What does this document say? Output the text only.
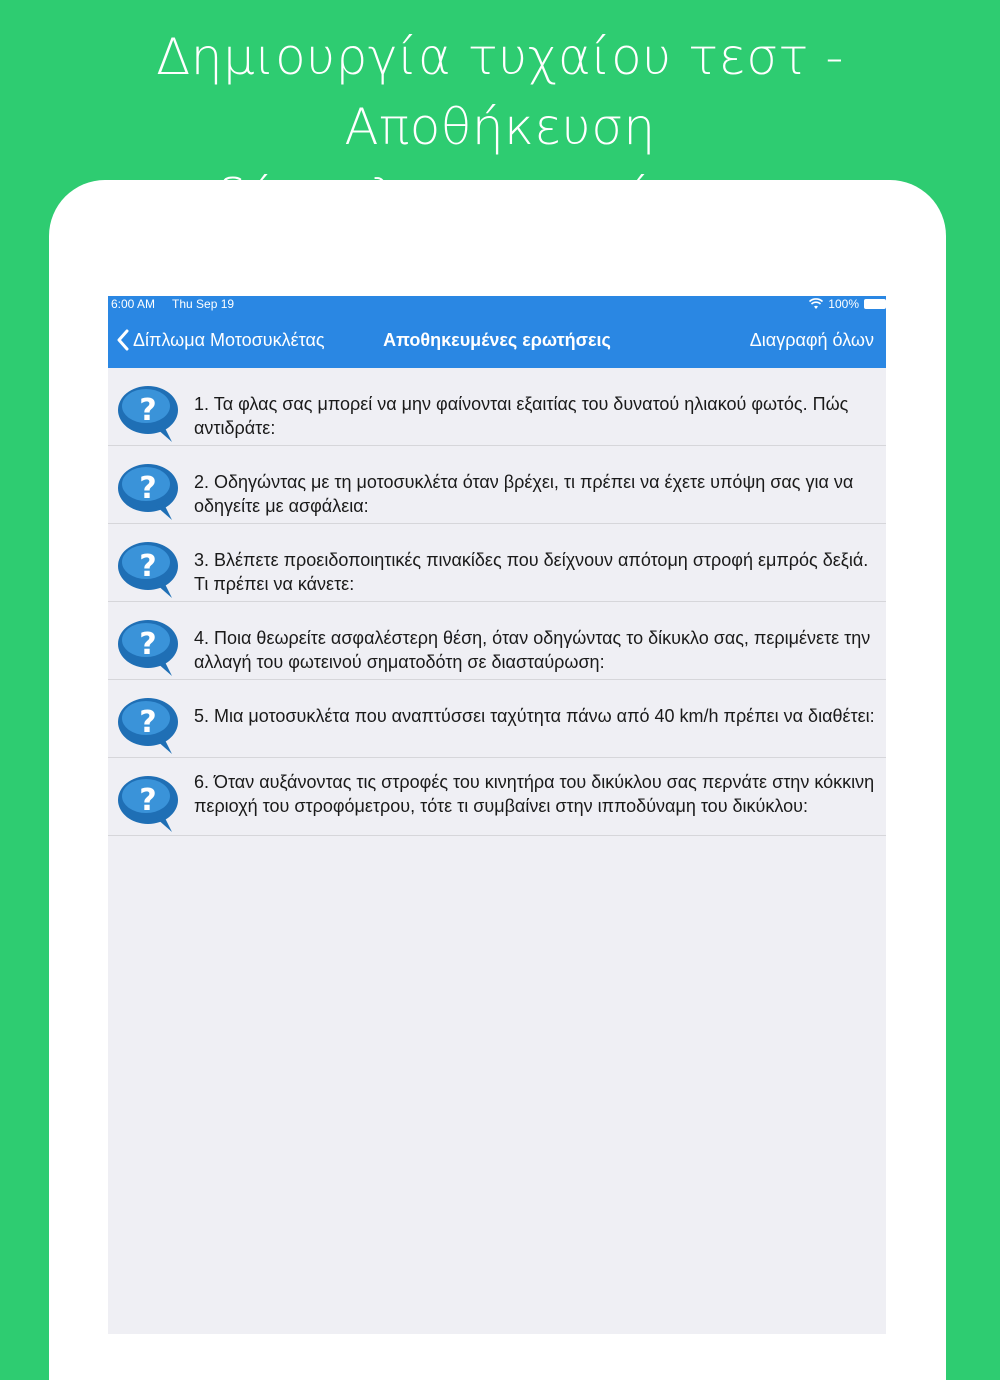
Δημιουργία τυχαίου τεστ - Αποθήκευση
6:00 AM Thu Sep 19	100%
Δίπλωμα Μοτοσυκλέτας	Αποθηκευμένες ερωτήσεις	Διαγραφή όλων
? 1. Τα φλας σας μπορεί να μην φαίνονται εξαιτίας του δυνατού ηλιακού φωτός. Πώς αντιδράτε:
? 2. Οδηγώντας με τη μοτοσυκλέτα όταν βρέχει, τι πρέπει να έχετε υπόψη σας για να οδηγείτε με ασφάλεια:
? 3. Βλέπετε προειδοποιητικές πινακίδες που δείχνουν απότομη στροφή εμπρός δεξιά. Τι πρέπει να κάνετε:
? 4. Ποια θεωρείτε ασφαλέστερη θέση, όταν οδηγώντας το δίκυκλο σας, περιμένετε την αλλαγή του φωτεινού σηματοδότη σε διασταύρωση:
? 5. Μια μοτοσυκλέτα που αναπτύσσει ταχύτητα πάνω από 40 km/h πρέπει να διαθέτει:
?
6. Όταν αυξάνοντας τις στροφές του κινητήρα του δικύκλου σας περνάτε στην κόκκινη περιοχή του στροφόμετρου, τότε τι συμβαίνει στην ιπποδύναμη του δικύκλου:
